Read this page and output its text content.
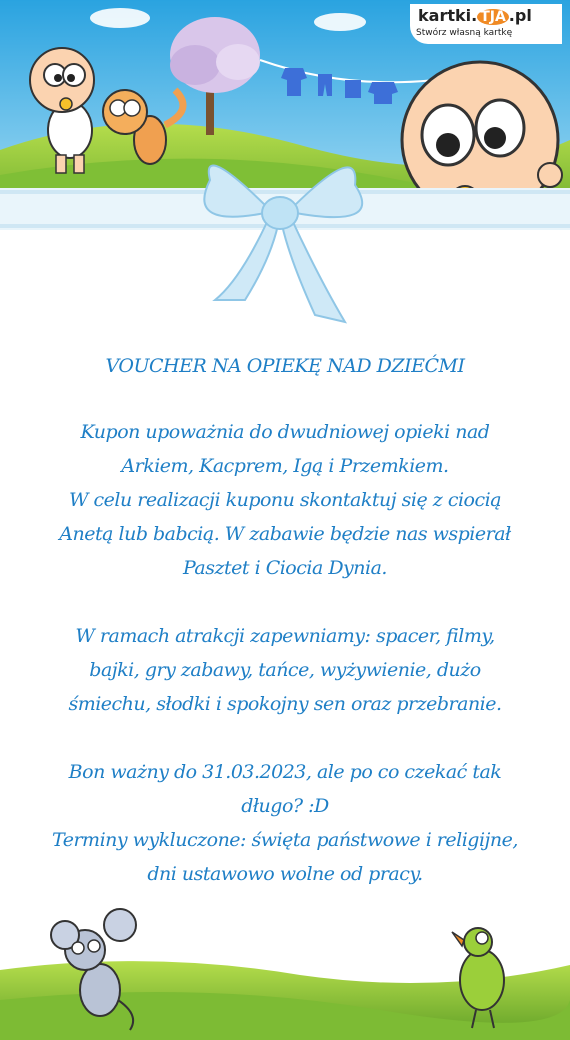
kartki. TJA .pl
Stwórz własną kartkę
VOUCHER NA OPIEKĘ NAD DZIEĆMI

Kupon upoważnia do dwudniowej opieki nad

Arkiem, Kacprem, Igą i Przemkiem.

W celu realizacji kuponu skontaktuj się z ciocią

Anetą lub babcią. W zabawie będzie nas wspierał

Pasztet i Ciocia Dynia.

W ramach atrakcji zapewniamy: spacer, filmy,

bajki, gry zabawy, tańce, wyżywienie, dużo

śmiechu, słodki i spokojny sen oraz przebranie.

Bon ważny do 31.03.2023, ale po co czekać tak

długo? :D

Terminy wykluczone: święta państwowe i religijne,

dni ustawowo wolne od pracy.
